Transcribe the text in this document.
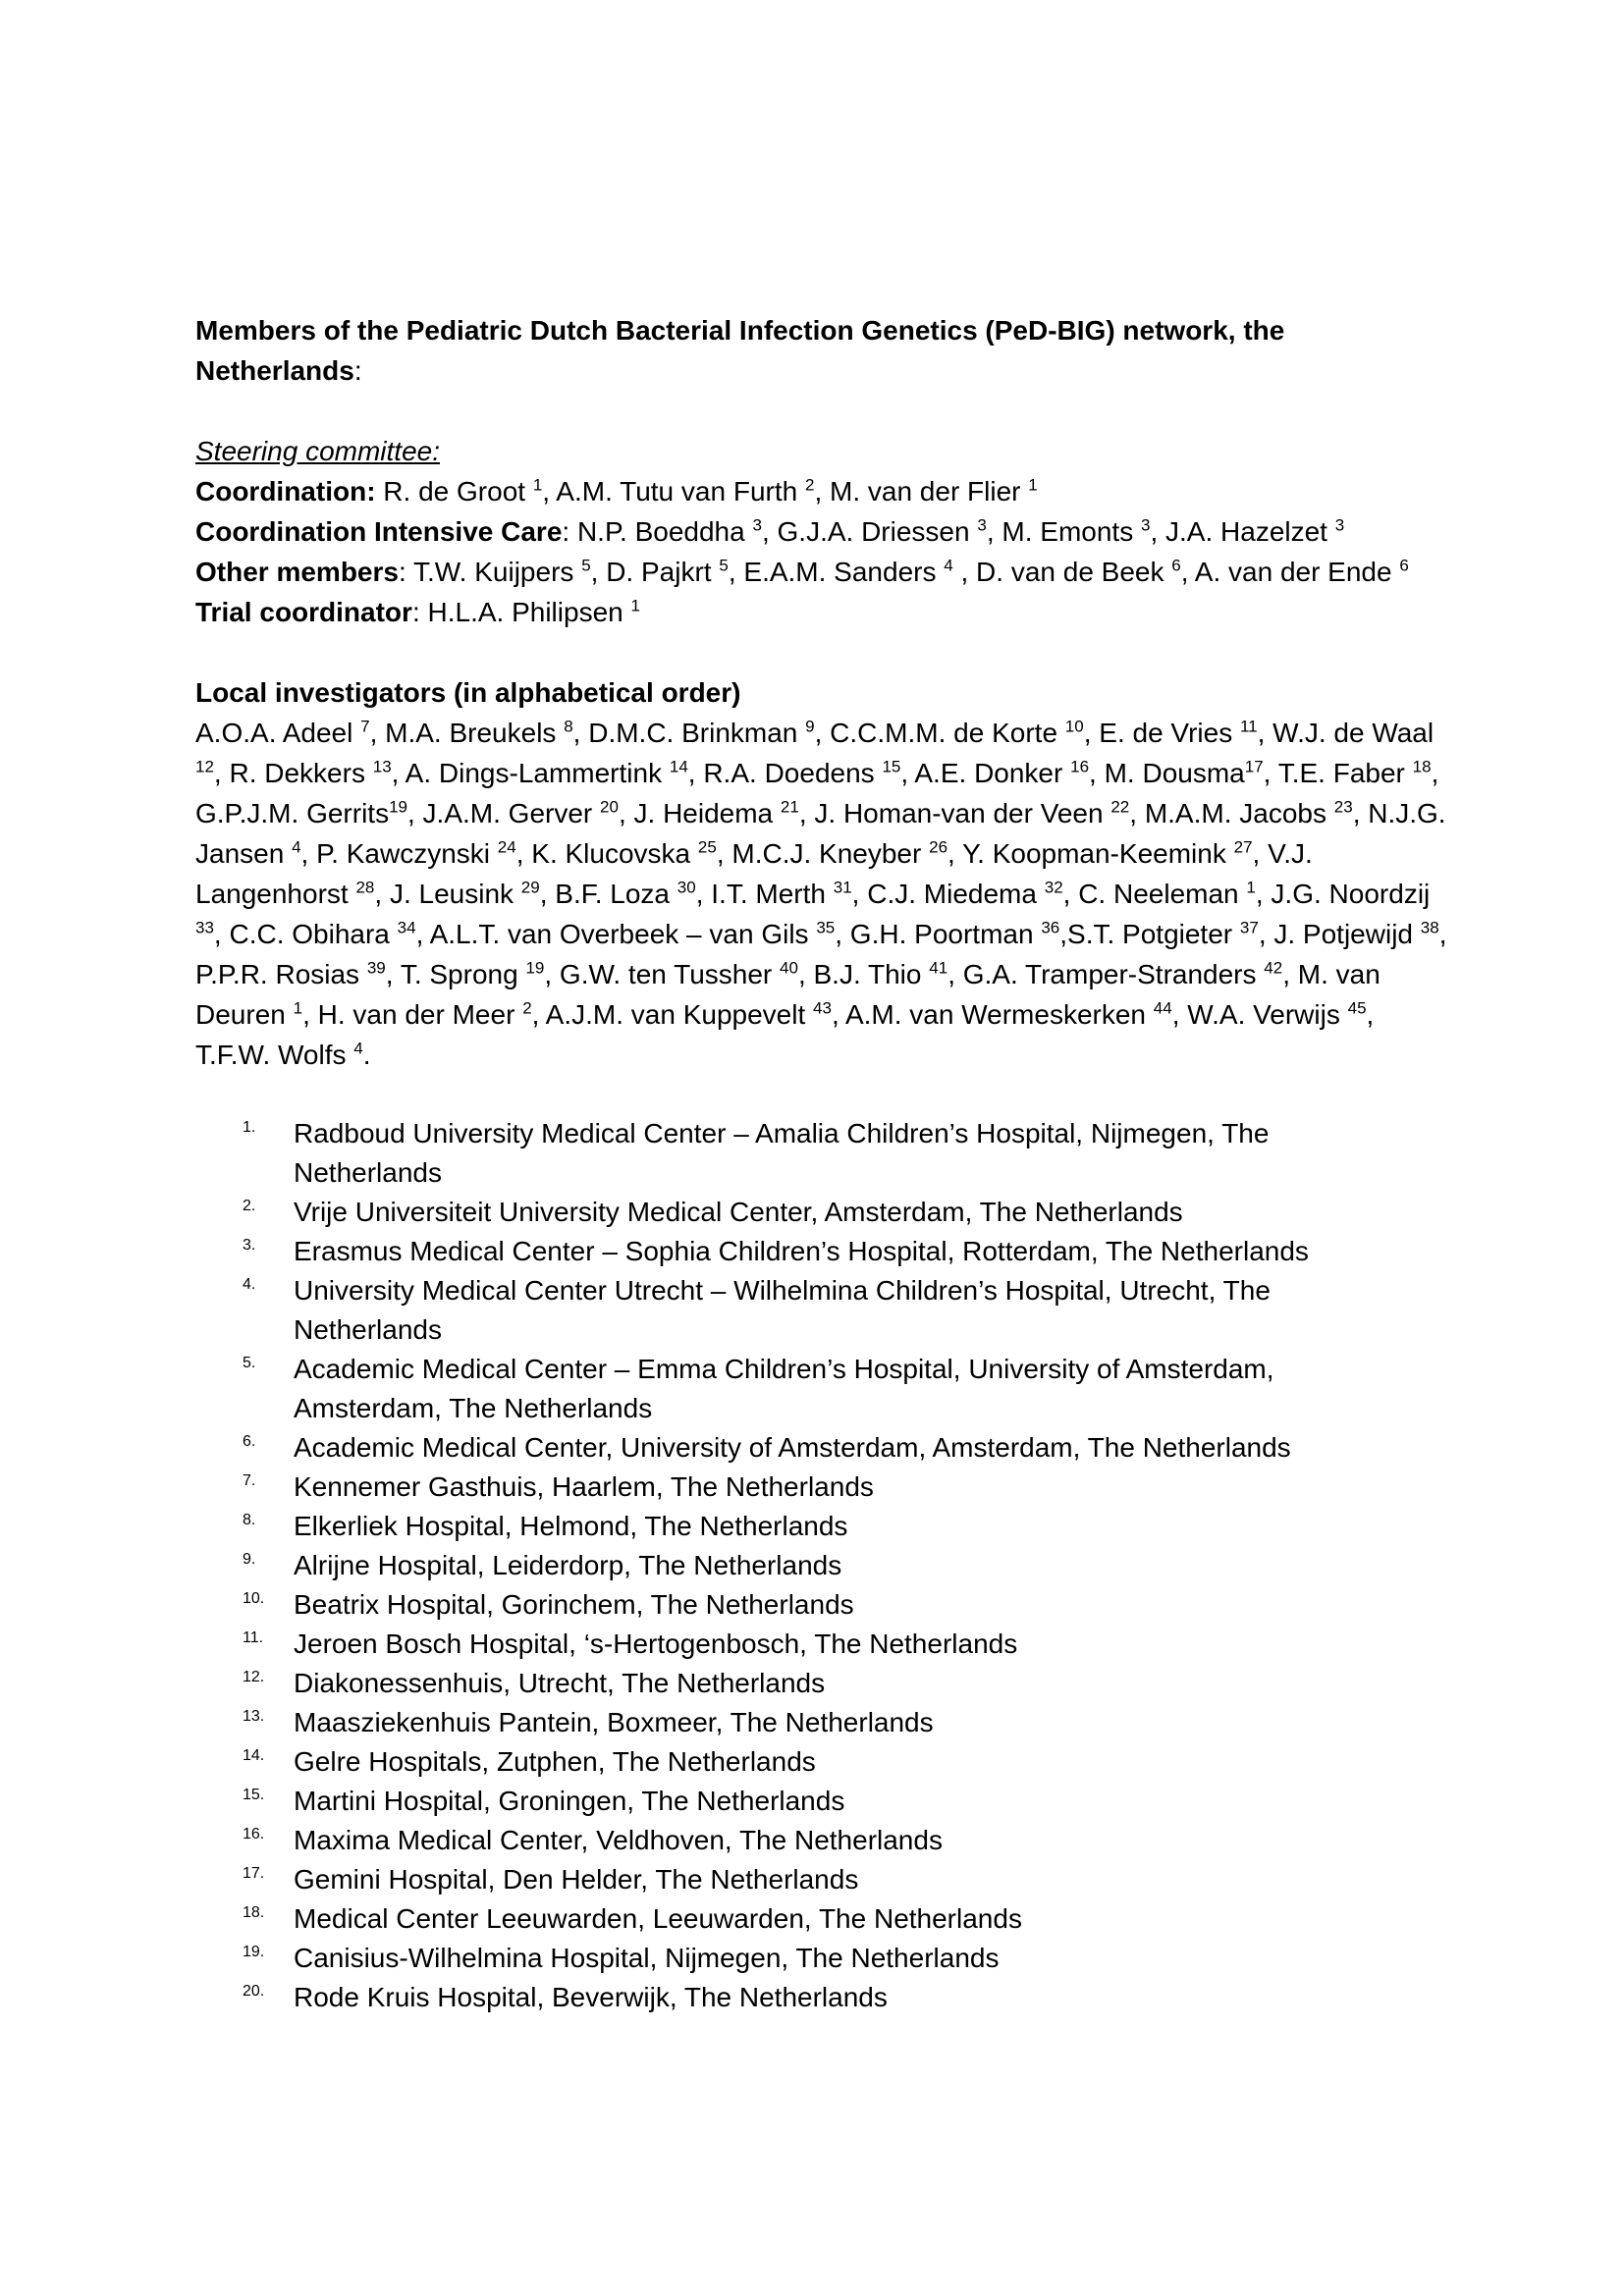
Members of the Pediatric Dutch Bacterial Infection Genetics (PeD-BIG) network, the Netherlands:

Steering committee:

Coordination: R. de Groot $^1$, A.M. Tutu van Furth $^2$, M. van der Flier $^1$

Coordination Intensive Care: N.P. Boeddha $^3$, G.J.A. Driessen $^3$, M. Emonts $^3$, J.A. Hazelzet $^3$

Other members: T.W. Kuijpers $^5$, D. Pajkrt $^5$, E.A.M. Sanders $^4$ , D. van de Beek $^6$, A. van der Ende $^6$

Trial coordinator: H.L.A. Philipsen $^1$

Local investigators (in alphabetical order)

A.O.A. Adeel $^7$, M.A. Breukels $^8$, D.M.C. Brinkman $^9$, C.C.M.M. de Korte $^{10}$, E. de Vries $^{11}$, W.J. de Waal $^{12}$, R. Dekkers $^{13}$, A. Dings-Lammertink $^{14}$, R.A. Doedens $^{15}$, A.E. Donker $^{16}$, M. Dousma$^{17}$, T.E. Faber $^{18}$, G.P.J.M. Gerrits$^{19}$, J.A.M. Gerver $^{20}$, J. Heidema $^{21}$, J. Homan-van der Veen $^{22}$, M.A.M. Jacobs $^{23}$, N.J.G. Jansen $^4$, P. Kawczynski $^{24}$, K. Klucovska $^{25}$, M.C.J. Kneyber $^{26}$, Y. Koopman-Keemink $^{27}$, V.J. Langenhorst $^{28}$, J. Leusink $^{29}$, B.F. Loza $^{30}$, I.T. Merth $^{31}$, C.J. Miedema $^{32}$, C. Neeleman $^1$, J.G. Noordzij $^{33}$, C.C. Obihara $^{34}$, A.L.T. van Overbeek – van Gils $^{35}$, G.H. Poortman $^{36}$,S.T. Potgieter $^{37}$, J. Potjewijd $^{38}$, P.P.R. Rosias $^{39}$, T. Sprong $^{19}$, G.W. ten Tussher $^{40}$, B.J. Thio $^{41}$, G.A. Tramper-Stranders $^{42}$, M. van Deuren $^1$, H. van der Meer $^2$, A.J.M. van Kuppevelt $^{43}$, A.M. van Wermeskerken $^{44}$, W.A. Verwijs $^{45}$, T.F.W. Wolfs $^4$.

1.	Radboud University Medical Center – Amalia Children’s Hospital, Nijmegen, The Netherlands
2.	Vrije Universiteit University Medical Center, Amsterdam, The Netherlands
3.	Erasmus Medical Center – Sophia Children’s Hospital, Rotterdam, The Netherlands
4.	University Medical Center Utrecht – Wilhelmina Children’s Hospital, Utrecht, The Netherlands
5.	Academic Medical Center – Emma Children’s Hospital, University of Amsterdam, Amsterdam, The Netherlands
6.	Academic Medical Center, University of Amsterdam, Amsterdam, The Netherlands
7.	Kennemer Gasthuis, Haarlem, The Netherlands
8.	Elkerliek Hospital, Helmond, The Netherlands
9.	Alrijne Hospital, Leiderdorp, The Netherlands
10.	Beatrix Hospital, Gorinchem, The Netherlands
11.	Jeroen Bosch Hospital, ‘s-Hertogenbosch, The Netherlands
12.	Diakonessenhuis, Utrecht, The Netherlands
13.	Maasziekenhuis Pantein, Boxmeer, The Netherlands
14.	Gelre Hospitals, Zutphen, The Netherlands
15.	Martini Hospital, Groningen, The Netherlands
16.	Maxima Medical Center, Veldhoven, The Netherlands
17.	Gemini Hospital, Den Helder, The Netherlands
18.	Medical Center Leeuwarden, Leeuwarden, The Netherlands
19.	Canisius-Wilhelmina Hospital, Nijmegen, The Netherlands
20.	Rode Kruis Hospital, Beverwijk, The Netherlands
